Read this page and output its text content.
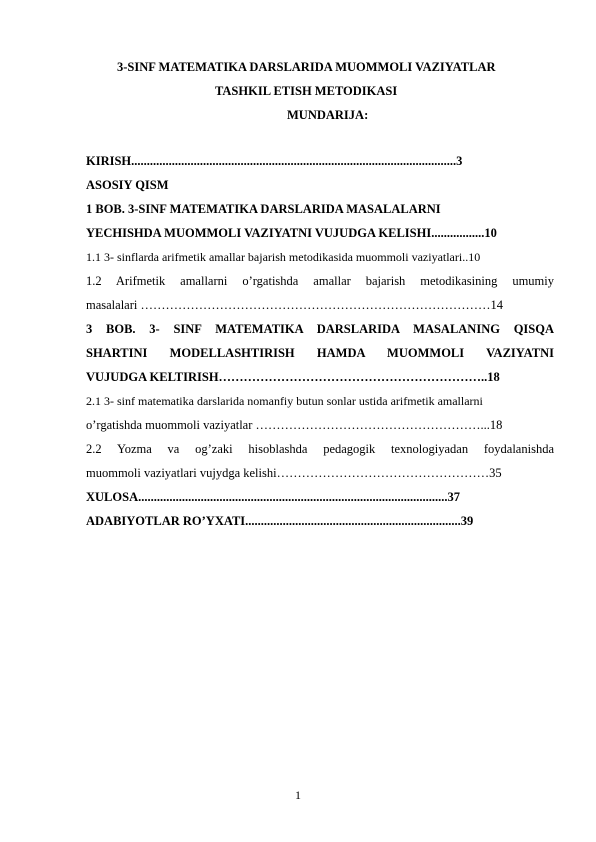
3-SINF MATEMATIKA DARSLARIDA MUOMMOLI VAZIYATLAR
TASHKIL ETISH METODIKASI
MUNDARIJA:
KIRISH........................................................................................................3
ASOSIY QISM
1 BOB. 3-SINF MATEMATIKA DARSLARIDA MASALALARNI
YECHISHDA MUOMMOLI VAZIYATNI VUJUDGA KELISHI.................10
1.1 3- sinflarda arifmetik amallar bajarish metodikasida muommoli vaziyatlari..10
1.2 Arifmetik amallarni o’rgatishda amallar bajarish metodikasining umumiy
masalalari …………………………………………………………………………14
3 BOB. 3- SINF MATEMATIKA DARSLARIDA MASALANING QISQA
SHARTINI MODELLASHTIRISH HAMDA MUOMMOLI VAZIYATNI
VUJUDGA KELTIRISH………………………………………………………..18
2.1 3- sinf matematika darslarida nomanfiy butun sonlar ustida arifmetik amallarni
o’rgatishda muommoli vaziyatlar ………………………………………………...18
2.2 Yozma va og’zaki hisoblashda pedagogik texnologiyadan foydalanishda
muommoli vaziyatlari vujydga kelishi……………………………………………35
XULOSA...................................................................................................37
ADABIYOTLAR RO’YXATI.....................................................................39
1
